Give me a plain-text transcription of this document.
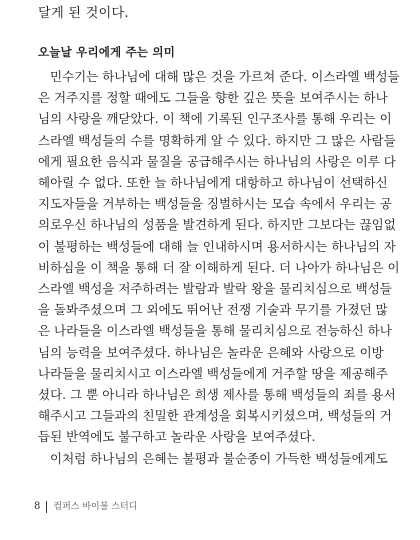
달게 된 것이다.
오늘날 우리에게 주는 의미

민수기는 하나님에 대해 많은 것을 가르쳐 준다. 이스라엘 백성들

은 거주지를 정할 때에도 그들을 향한 깊은 뜻을 보여주시는 하나

님의 사랑을 깨닫았다. 이 책에 기록된 인구조사를 통해 우리는 이

스라엘 백성들의 수를 명확하게 알 수 있다. 하지만 그 많은 사람들

에게 필요한 음식과 물질을 공급해주시는 하나님의 사랑은 이루 다

헤아릴 수 없다. 또한 늘 하나님에게 대항하고 하나님이 선택하신

지도자들을 거부하는 백성들을 징벌하시는 모습 속에서 우리는 공

의로우신 하나님의 성품을 발견하게 된다. 하지만 그보다는 끊임없

이 불평하는 백성들에 대해 늘 인내하시며 용서하시는 하나님의 자

비하심을 이 책을 통해 더 잘 이해하게 된다. 더 나아가 하나님은 이

스라엘 백성을 저주하려는 발람과 발락 왕을 물리치심으로 백성들

을 돌봐주셨으며 그 외에도 뛰어난 전쟁 기술과 무기를 가졌던 많

은 나라들을 이스라엘 백성들을 통해 물리치심으로 전능하신 하나

님의 능력을 보여주셨다. 하나님은 놀라운 은혜와 사랑으로 이방

나라들을 물리치시고 이스라엘 백성들에게 거주할 땅을 제공해주

셨다. 그 뿐 아니라 하나님은 희생 제사를 통해 백성들의 죄를 용서

해주시고 그들과의 친밀한 관계성을 회복시키셨으며, 백성들의 거

듭된 반역에도 불구하고 놀라운 사랑을 보여주셨다.

이처럼 하나님의 은혜는 불평과 불순종이 가득한 백성들에게도

8 컴퍼스 바이블 스터디
